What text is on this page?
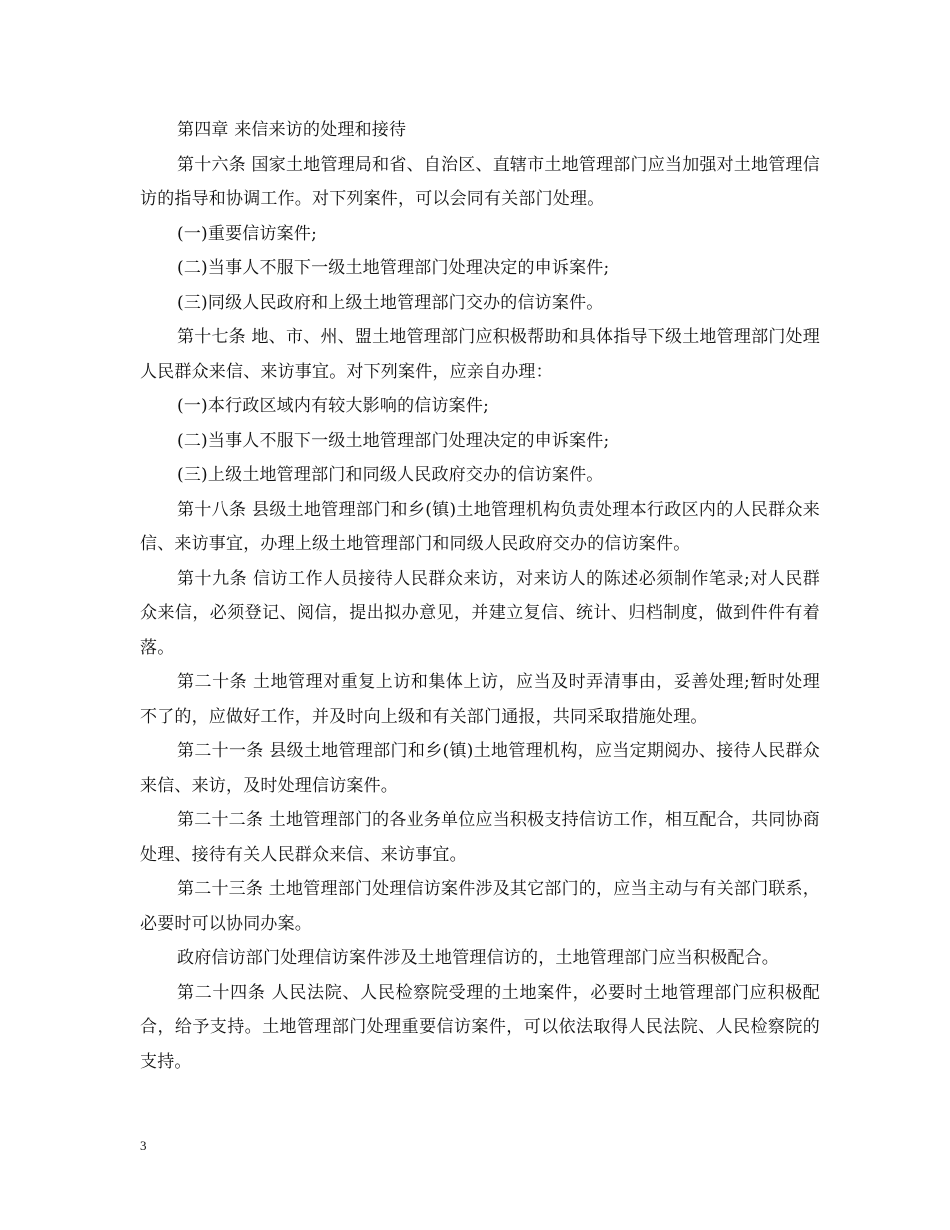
第四章 来信来访的处理和接待

第十六条 国家土地管理局和省、自治区、直辖市土地管理部门应当加强对土地管理信访的指导和协调工作。对下列案件，可以会同有关部门处理。

(一)重要信访案件;

(二)当事人不服下一级土地管理部门处理决定的申诉案件;

(三)同级人民政府和上级土地管理部门交办的信访案件。

第十七条 地、市、州、盟土地管理部门应积极帮助和具体指导下级土地管理部门处理人民群众来信、来访事宜。对下列案件，应亲自办理：

(一)本行政区域内有较大影响的信访案件;

(二)当事人不服下一级土地管理部门处理决定的申诉案件;

(三)上级土地管理部门和同级人民政府交办的信访案件。

第十八条 县级土地管理部门和乡(镇)土地管理机构负责处理本行政区内的人民群众来信、来访事宜，办理上级土地管理部门和同级人民政府交办的信访案件。

第十九条 信访工作人员接待人民群众来访，对来访人的陈述必须制作笔录;对人民群众来信，必须登记、阅信，提出拟办意见，并建立复信、统计、归档制度，做到件件有着落。

第二十条 土地管理对重复上访和集体上访，应当及时弄清事由，妥善处理;暂时处理不了的，应做好工作，并及时向上级和有关部门通报，共同采取措施处理。

第二十一条 县级土地管理部门和乡(镇)土地管理机构，应当定期阅办、接待人民群众来信、来访，及时处理信访案件。

第二十二条 土地管理部门的各业务单位应当积极支持信访工作，相互配合，共同协商处理、接待有关人民群众来信、来访事宜。

第二十三条 土地管理部门处理信访案件涉及其它部门的，应当主动与有关部门联系，必要时可以协同办案。

政府信访部门处理信访案件涉及土地管理信访的，土地管理部门应当积极配合。

第二十四条 人民法院、人民检察院受理的土地案件，必要时土地管理部门应积极配合，给予支持。土地管理部门处理重要信访案件，可以依法取得人民法院、人民检察院的支持。

3
